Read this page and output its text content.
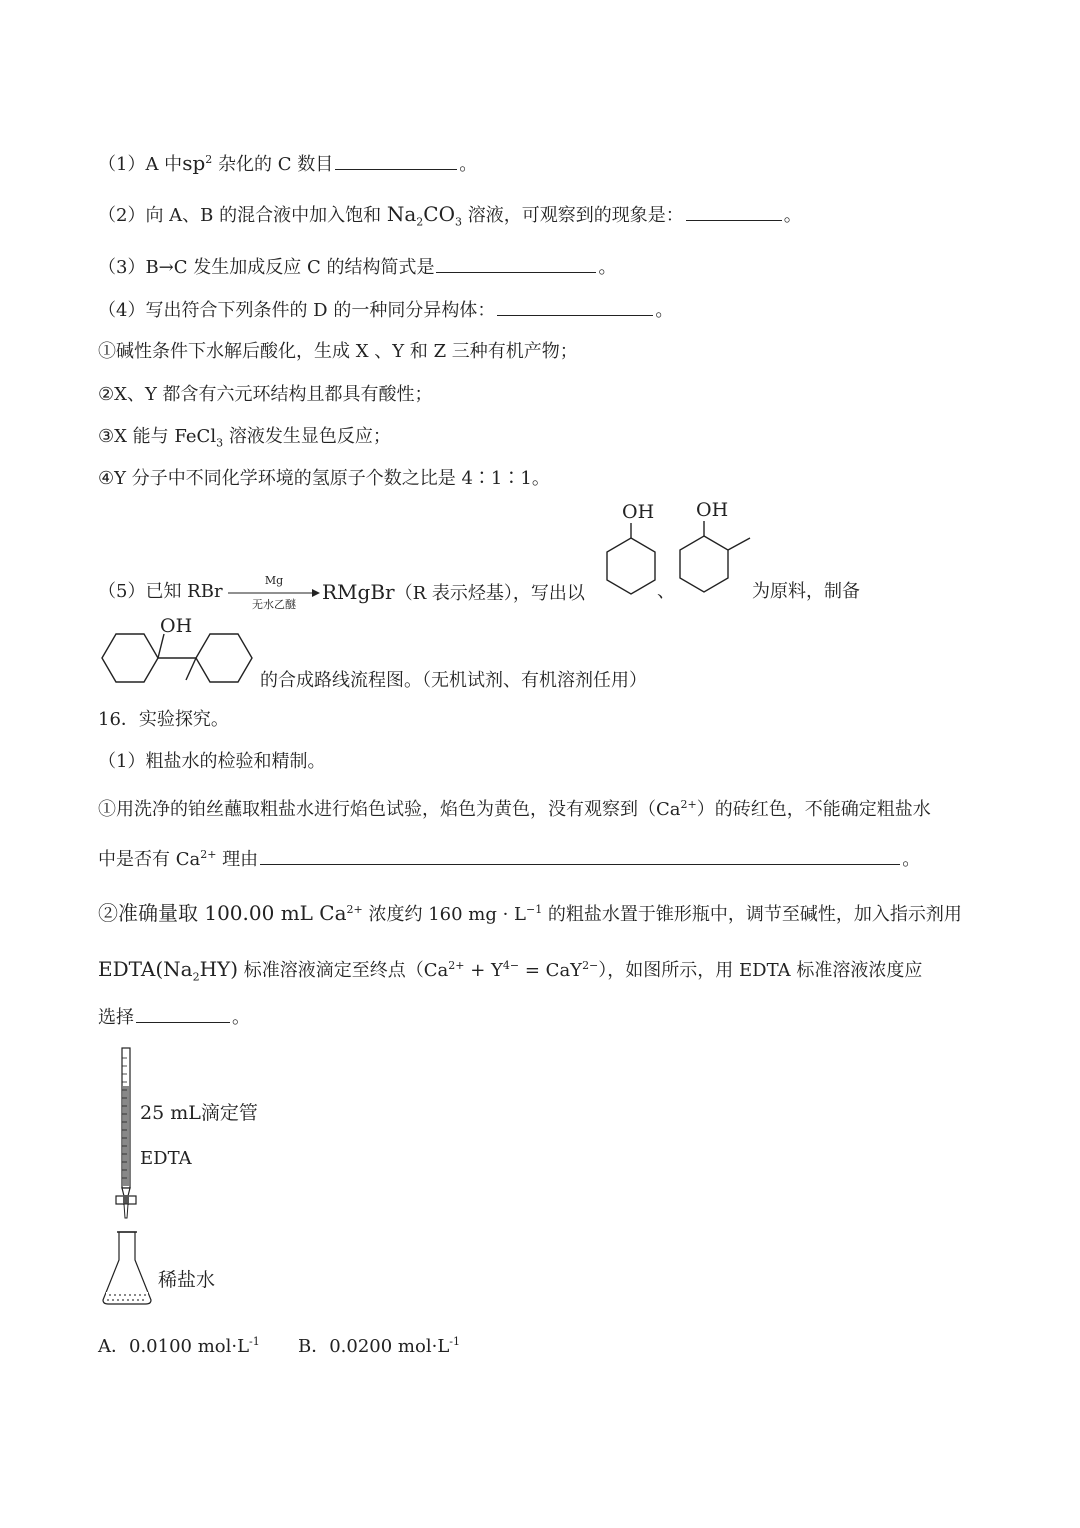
（1）A 中$sp^2$ 杂化的 C 数目	。
（2）向 A、B 的混合液中加入饱和 $Na_2CO_3$ 溶液，可观察到的现象是：	。
（3）B→C 发生加成反应 C 的结构简式是	。
（4）写出符合下列条件的 D 的一种同分异构体：	。
①碱性条件下水解后酸化，生成 X 、Y 和 Z 三种有机产物；
②X、Y 都含有六元环结构且都具有酸性；
③X 能与 FeCl$_3$ 溶液发生显色反应；
④Y 分子中不同化学环境的氢原子个数之比是 4∶1∶1。
（5）已知 RBr
Mg
无水乙醚
RMgBr（R 表示烃基），写出以	、	为原料，制备
OH OH
OH
的合成路线流程图。（无机试剂、有机溶剂任用）
16．实验探究。
（1）粗盐水的检验和精制。
①用洗净的铂丝蘸取粗盐水进行焰色试验，焰色为黄色，没有观察到$(Ca^{2+})$的砖红色，不能确定粗盐水
中是否有 $Ca^{2+}$ 理由	。
②准确量取 100.00 mL $Ca^{2+}$ 浓度约 160 mg · $L^{-1}$ 的粗盐水置于锥形瓶中，调节至碱性，加入指示剂用
$EDTA(Na_2HY)$ 标准溶液滴定至终点$(Ca^{2+} + Y^{4-} = CaY^{2-})$，如图所示，用 EDTA 标准溶液浓度应
选择	。
25 mL滴定管
EDTA
稀盐水
A．0.0100 $mol\cdot L^{-1}$ B．0.0200 $mol\cdot L^{-1}$
